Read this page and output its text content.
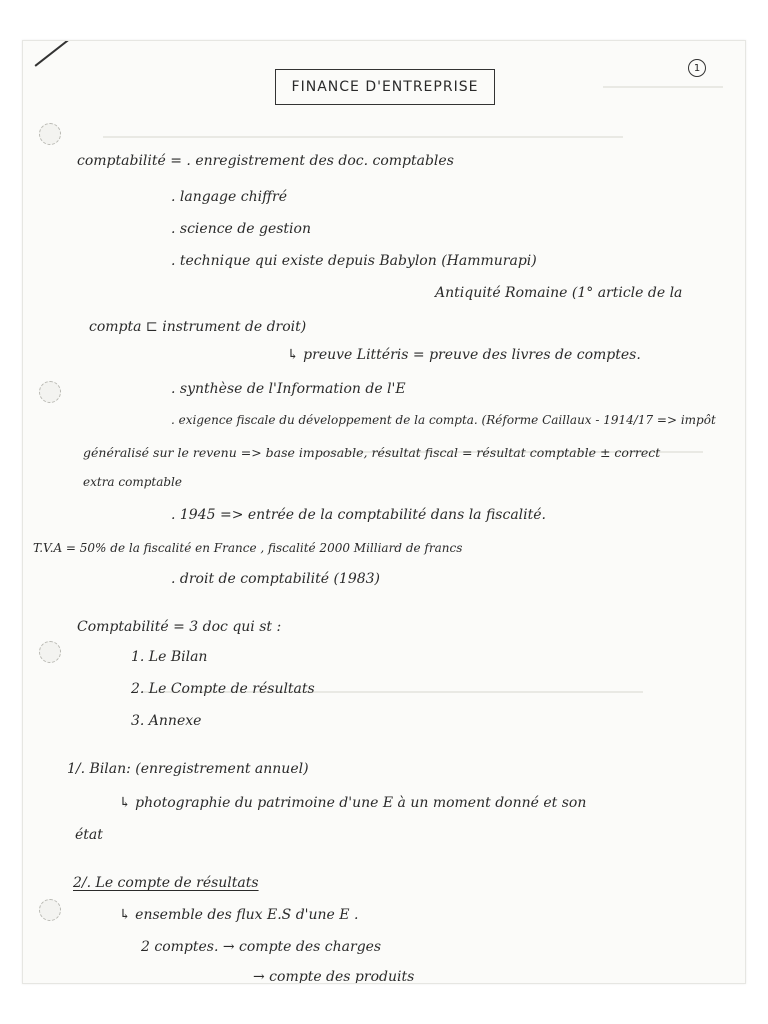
1
FINANCE D'ENTREPRISE
comptabilité = . enregistrement des doc. comptables
. langage chiffré
. science de gestion
. technique qui existe depuis Babylon (Hammurapi)
Antiquité Romaine (1° article de la
compta ⊏ instrument de droit)
↳ preuve Littéris = preuve des livres de comptes.
. synthèse de l'Information de l'E
. exigence fiscale du développement de la compta. (Réforme Caillaux - 1914/17 => impôt
généralisé sur le revenu => base imposable, résultat fiscal = résultat comptable ± correct
extra comptable
. 1945 => entrée de la comptabilité dans la fiscalité.
T.V.A = 50% de la fiscalité en France , fiscalité 2000 Milliard de francs
. droit de comptabilité (1983)
Comptabilité = 3 doc qui st :
1. Le Bilan
2. Le Compte de résultats
3. Annexe
1/. Bilan: (enregistrement annuel)
↳ photographie du patrimoine d'une E à un moment donné et son
état
2/. Le compte de résultats
↳ ensemble des flux E.S d'une E .
2 comptes. → compte des charges
→ compte des produits
